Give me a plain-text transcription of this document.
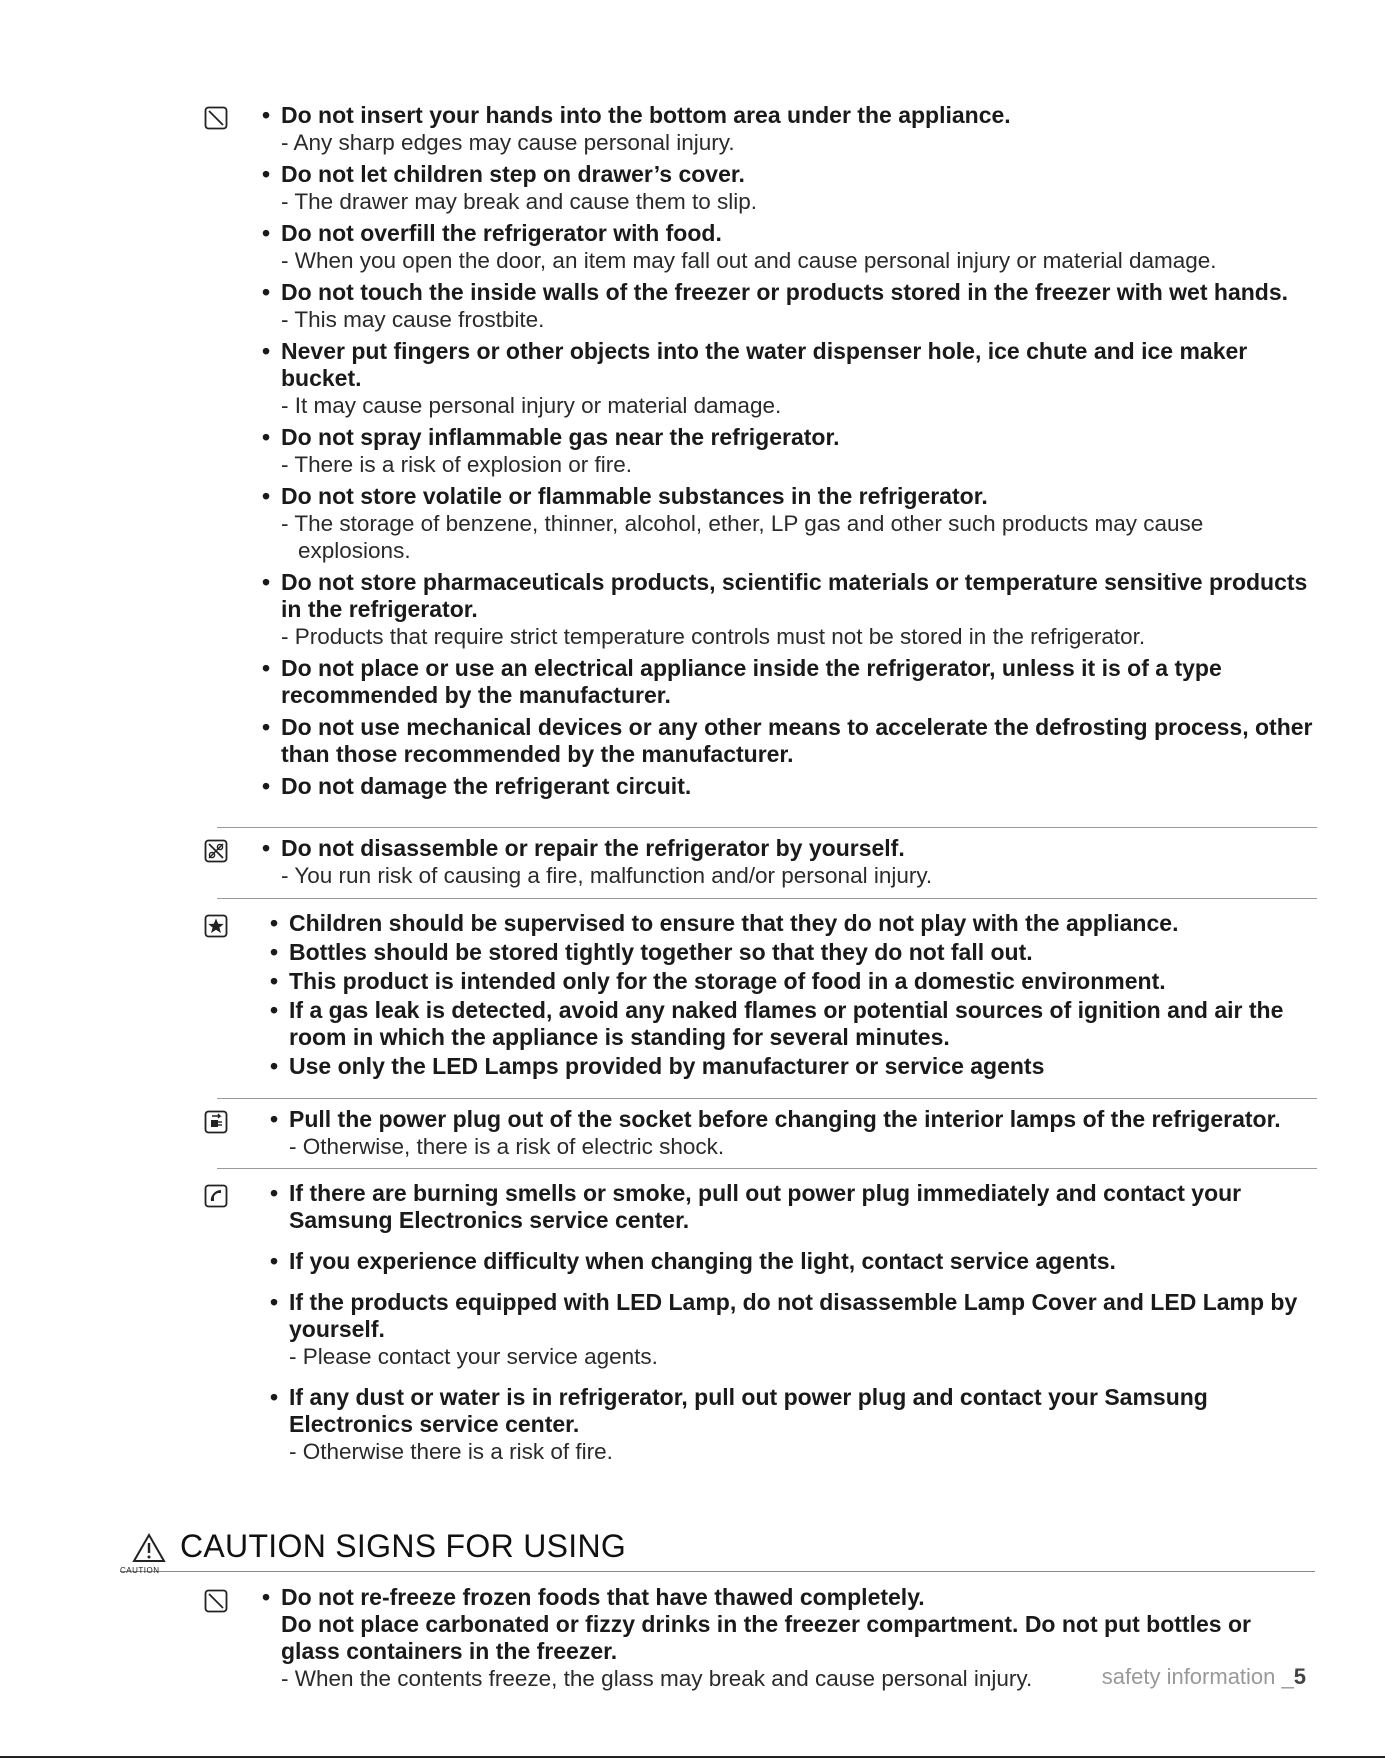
• Do not insert your hands into the bottom area under the appliance.
- Any sharp edges may cause personal injury.
• Do not let children step on drawer’s cover.
- The drawer may break and cause them to slip.
• Do not overfill the refrigerator with food.
- When you open the door, an item may fall out and cause personal injury or material damage.
• Do not touch the inside walls of the freezer or products stored in the freezer with wet hands.
- This may cause frostbite.
• Never put fingers or other objects into the water dispenser hole, ice chute and ice maker bucket.
- It may cause personal injury or material damage.
• Do not spray inflammable gas near the refrigerator.
- There is a risk of explosion or fire.
• Do not store volatile or flammable substances in the refrigerator.
- The storage of benzene, thinner, alcohol, ether, LP gas and other such products may cause explosions.
• Do not store pharmaceuticals products, scientific materials or temperature sensitive products in the refrigerator.
- Products that require strict temperature controls must not be stored in the refrigerator.
• Do not place or use an electrical appliance inside the refrigerator, unless it is of a type recommended by the manufacturer.
• Do not use mechanical devices or any other means to accelerate the defrosting process, other than those recommended by the manufacturer.
• Do not damage the refrigerant circuit.
• Do not disassemble or repair the refrigerator by yourself.
- You run risk of causing a fire, malfunction and/or personal injury.
• Children should be supervised to ensure that they do not play with the appliance.
• Bottles should be stored tightly together so that they do not fall out.
• This product is intended only for the storage of food in a domestic environment.
• If a gas leak is detected, avoid any naked flames or potential sources of ignition and air the room in which the appliance is standing for several minutes.
• Use only the LED Lamps provided by manufacturer or service agents
• Pull the power plug out of the socket before changing the interior lamps of the refrigerator.
- Otherwise, there is a risk of electric shock.
• If there are burning smells or smoke, pull out power plug immediately and contact your Samsung Electronics service center.
• If you experience difficulty when changing the light, contact service agents.
• If the products equipped with LED Lamp, do not disassemble Lamp Cover and LED Lamp by yourself.
- Please contact your service agents.
• If any dust or water is in refrigerator, pull out power plug and contact your Samsung Electronics service center.
- Otherwise there is a risk of fire.
CAUTION
CAUTION SIGNS FOR USING
• Do not re-freeze frozen foods that have thawed completely.
Do not place carbonated or fizzy drinks in the freezer compartment. Do not put bottles or glass containers in the freezer.
- When the contents freeze, the glass may break and cause personal injury.	safety information _5
